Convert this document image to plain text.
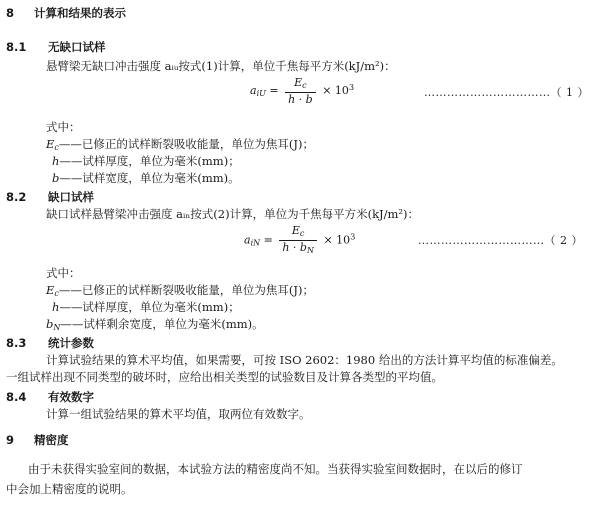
8 计算和结果的表示
8.1 无缺口试样
悬臂梁无缺口冲击强度 aᵢᵤ按式(1)计算，单位千焦每平方米(kJ/m²)：
$a_{iU} = \frac{E_c}{h \cdot b} \times 10^3$	……………………………（ 1 ）
式中：
$E_c——$已修正的试样断裂吸收能量，单位为焦耳(J)；
h——试样厚度，单位为毫米(mm)；
b——试样宽度，单位为毫米(mm)。
8.2 缺口试样
缺口试样悬臂梁冲击强度 aᵢₙ按式(2)计算，单位为千焦每平方米(kJ/m²)：
$a_{iN} = \frac{E_c}{h \cdot b_N} \times 10^3$	……………………………（ 2 ）
式中：
$E_c——$已修正的试样断裂吸收能量，单位为焦耳(J)；
h——试样厚度，单位为毫米(mm)；
$b_N——$试样剩余宽度，单位为毫米(mm)。
8.3 统计参数
计算试验结果的算术平均值，如果需要，可按 ISO 2602：1980 给出的方法计算平均值的标准偏差。
一组试样出现不同类型的破坏时，应给出相关类型的试验数目及计算各类型的平均值。
8.4 有效数字
计算一组试验结果的算术平均值，取两位有效数字。
9 精密度
由于未获得实验室间的数据，本试验方法的精密度尚不知。当获得实验室间数据时，在以后的修订
中会加上精密度的说明。
